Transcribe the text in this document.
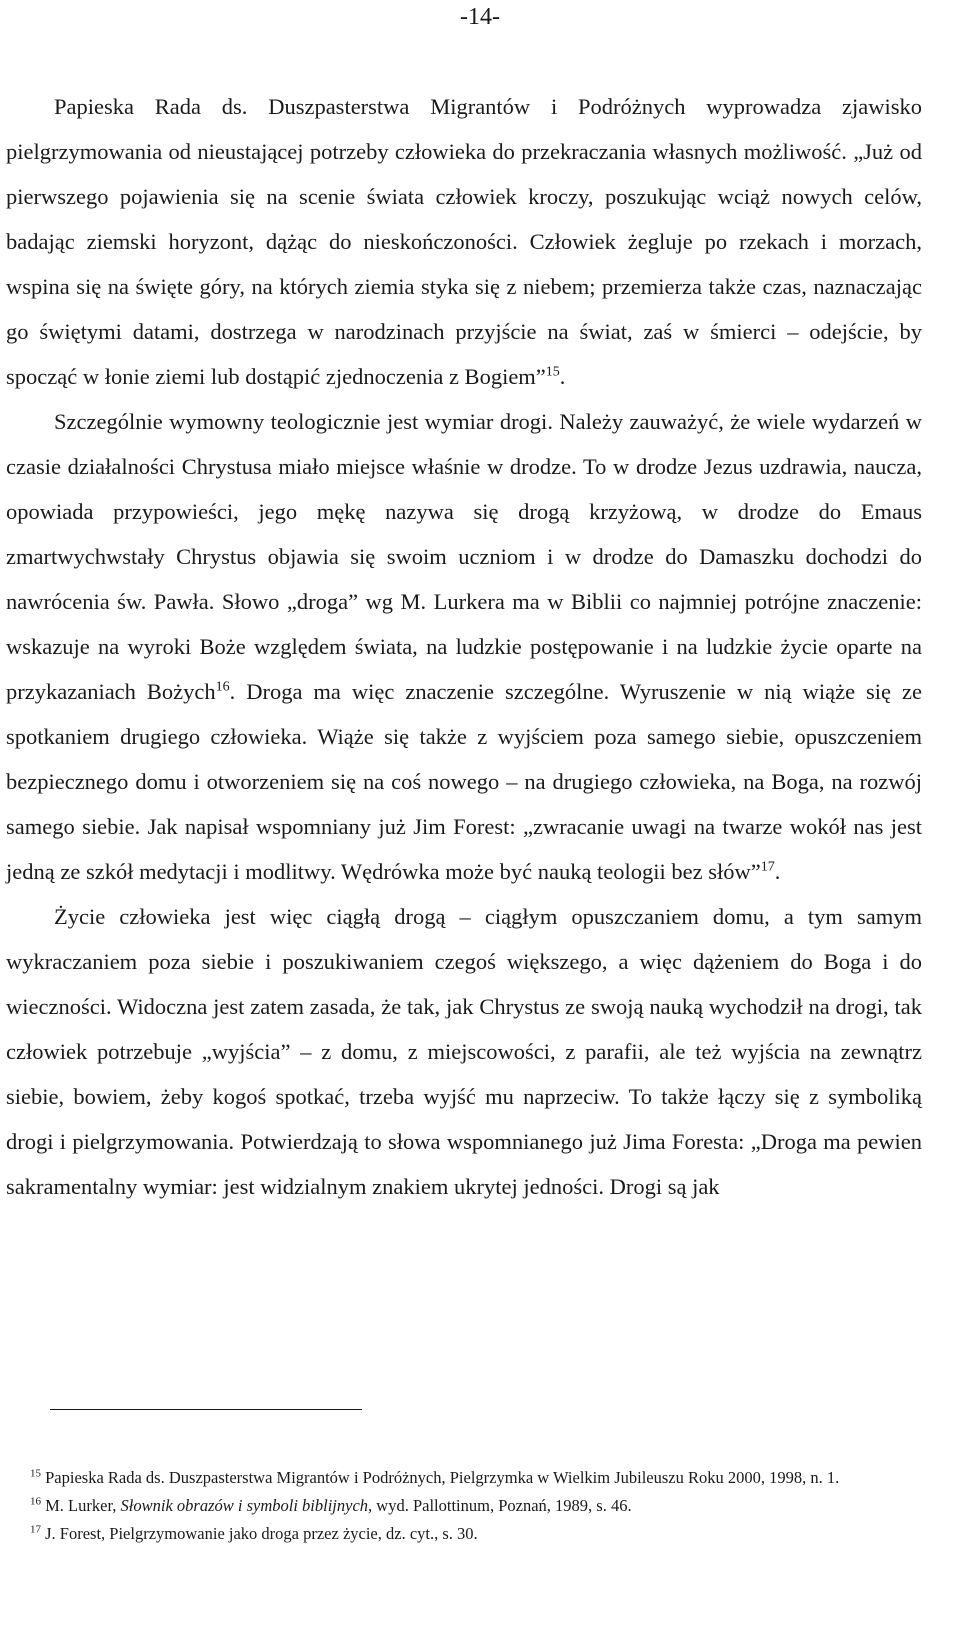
-14-

Papieska Rada ds. Duszpasterstwa Migrantów i Podróżnych wyprowadza zjawisko pielgrzymowania od nieustającej potrzeby człowieka do przekraczania własnych możliwość. „Już od pierwszego pojawienia się na scenie świata człowiek kroczy, poszukując wciąż nowych celów, badając ziemski horyzont, dążąc do nieskończoności. Człowiek żegluje po rzekach i morzach, wspina się na święte góry, na których ziemia styka się z niebem; przemierza także czas, naznaczając go świętymi datami, dostrzega w narodzinach przyjście na świat, zaś w śmierci – odejście, by spocząć w łonie ziemi lub dostąpić zjednoczenia z Bogiem”$^{15}$.

Szczególnie wymowny teologicznie jest wymiar drogi. Należy zauważyć, że wiele wydarzeń w czasie działalności Chrystusa miało miejsce właśnie w drodze. To w drodze Jezus uzdrawia, naucza, opowiada przypowieści, jego mękę nazywa się drogą krzyżową, w drodze do Emaus zmartwychwstały Chrystus objawia się swoim uczniom i w drodze do Damaszku dochodzi do nawrócenia św. Pawła. Słowo „droga” wg M. Lurkera ma w Biblii co najmniej potrójne znaczenie: wskazuje na wyroki Boże względem świata, na ludzkie postępowanie i na ludzkie życie oparte na przykazaniach Bożych$^{16}$. Droga ma więc znaczenie szczególne. Wyruszenie w nią wiąże się ze spotkaniem drugiego człowieka. Wiąże się także z wyjściem poza samego siebie, opuszczeniem bezpiecznego domu i otworzeniem się na coś nowego – na drugiego człowieka, na Boga, na rozwój samego siebie. Jak napisał wspomniany już Jim Forest: „zwracanie uwagi na twarze wokół nas jest jedną ze szkół medytacji i modlitwy. Wędrówka może być nauką teologii bez słów”$^{17}$.

Życie człowieka jest więc ciągłą drogą – ciągłym opuszczaniem domu, a tym samym wykraczaniem poza siebie i poszukiwaniem czegoś większego, a więc dążeniem do Boga i do wieczności. Widoczna jest zatem zasada, że tak, jak Chrystus ze swoją nauką wychodził na drogi, tak człowiek potrzebuje „wyjścia” – z domu, z miejscowości, z parafii, ale też wyjścia na zewnątrz siebie, bowiem, żeby kogoś spotkać, trzeba wyjść mu naprzeciw. To także łączy się z symboliką drogi i pielgrzymowania. Potwierdzają to słowa wspomnianego już Jima Foresta: „Droga ma pewien sakramentalny wymiar: jest widzialnym znakiem ukrytej jedności. Drogi są jak

$^{15}$ Papieska Rada ds. Duszpasterstwa Migrantów i Podróżnych, Pielgrzymka w Wielkim Jubileuszu Roku 2000, 1998, n. 1.

$^{16}$ M. Lurker, Słownik obrazów i symboli biblijnych, wyd. Pallottinum, Poznań, 1989, s. 46.

$^{17}$ J. Forest, Pielgrzymowanie jako droga przez życie, dz. cyt., s. 30.
